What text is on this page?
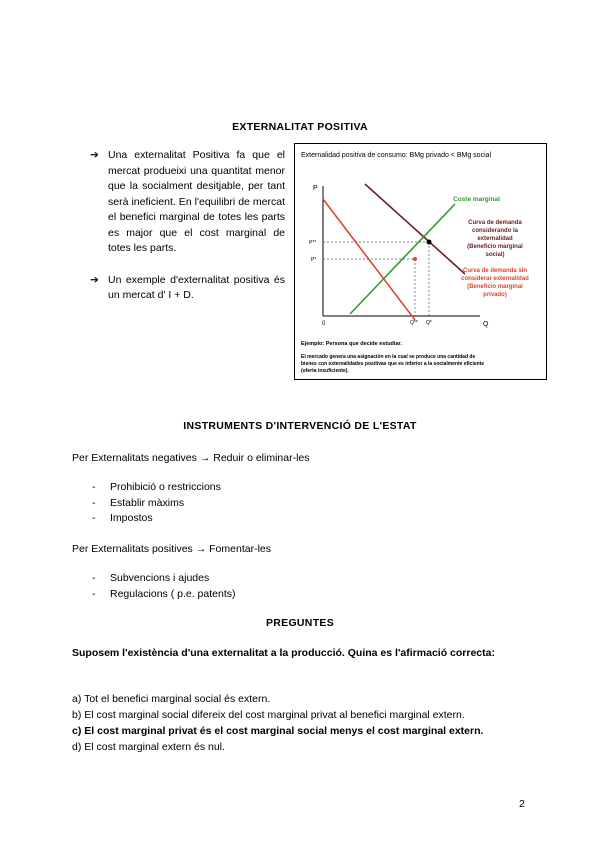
EXTERNALITAT POSITIVA
➔ Una externalitat Positiva fa que el mercat produeixi una quantitat menor que la socialment desitjable, per tant serà ineficient. En l'equilibri de mercat el benefici marginal de totes les parts es major que el cost marginal de totes les parts.
➔ Un exemple d'externalitat positiva és un mercat d' I + D.
Externalidad positiva de consumo: BMg privado < BMg social
P
Q
0
P**
P*
Q** Q*
Coste marginal
Curva de demanda
considerando la
externalidad
(Beneficio marginal
social)
Curva de demanda sin
considerar externalidad
(Beneficio marginal
privado)
Ejemplo: Persona que decide estudiar.
El mercado genera una asignación en la cual se produce una cantidad de
bienes con externalidades positivas que es inferior a la socialmente eficiente
(oferta insuficiente).
INSTRUMENTS D'INTERVENCIÓ DE L'ESTAT
Per Externalitats negatives → Reduir o eliminar-les
- Prohibició o restriccions
- Establir màxims
- Impostos
Per Externalitats positives → Fomentar-les
- Subvencions i ajudes
- Regulacions ( p.e. patents)
PREGUNTES
Suposem l'existència d'una externalitat a la producció. Quina es l'afirmació correcta:
a) Tot el benefici marginal social és extern.
b) El cost marginal social difereix del cost marginal privat al benefici marginal extern.
c) El cost marginal privat és el cost marginal social menys el cost marginal extern.
d) El cost marginal extern és nul.
2
